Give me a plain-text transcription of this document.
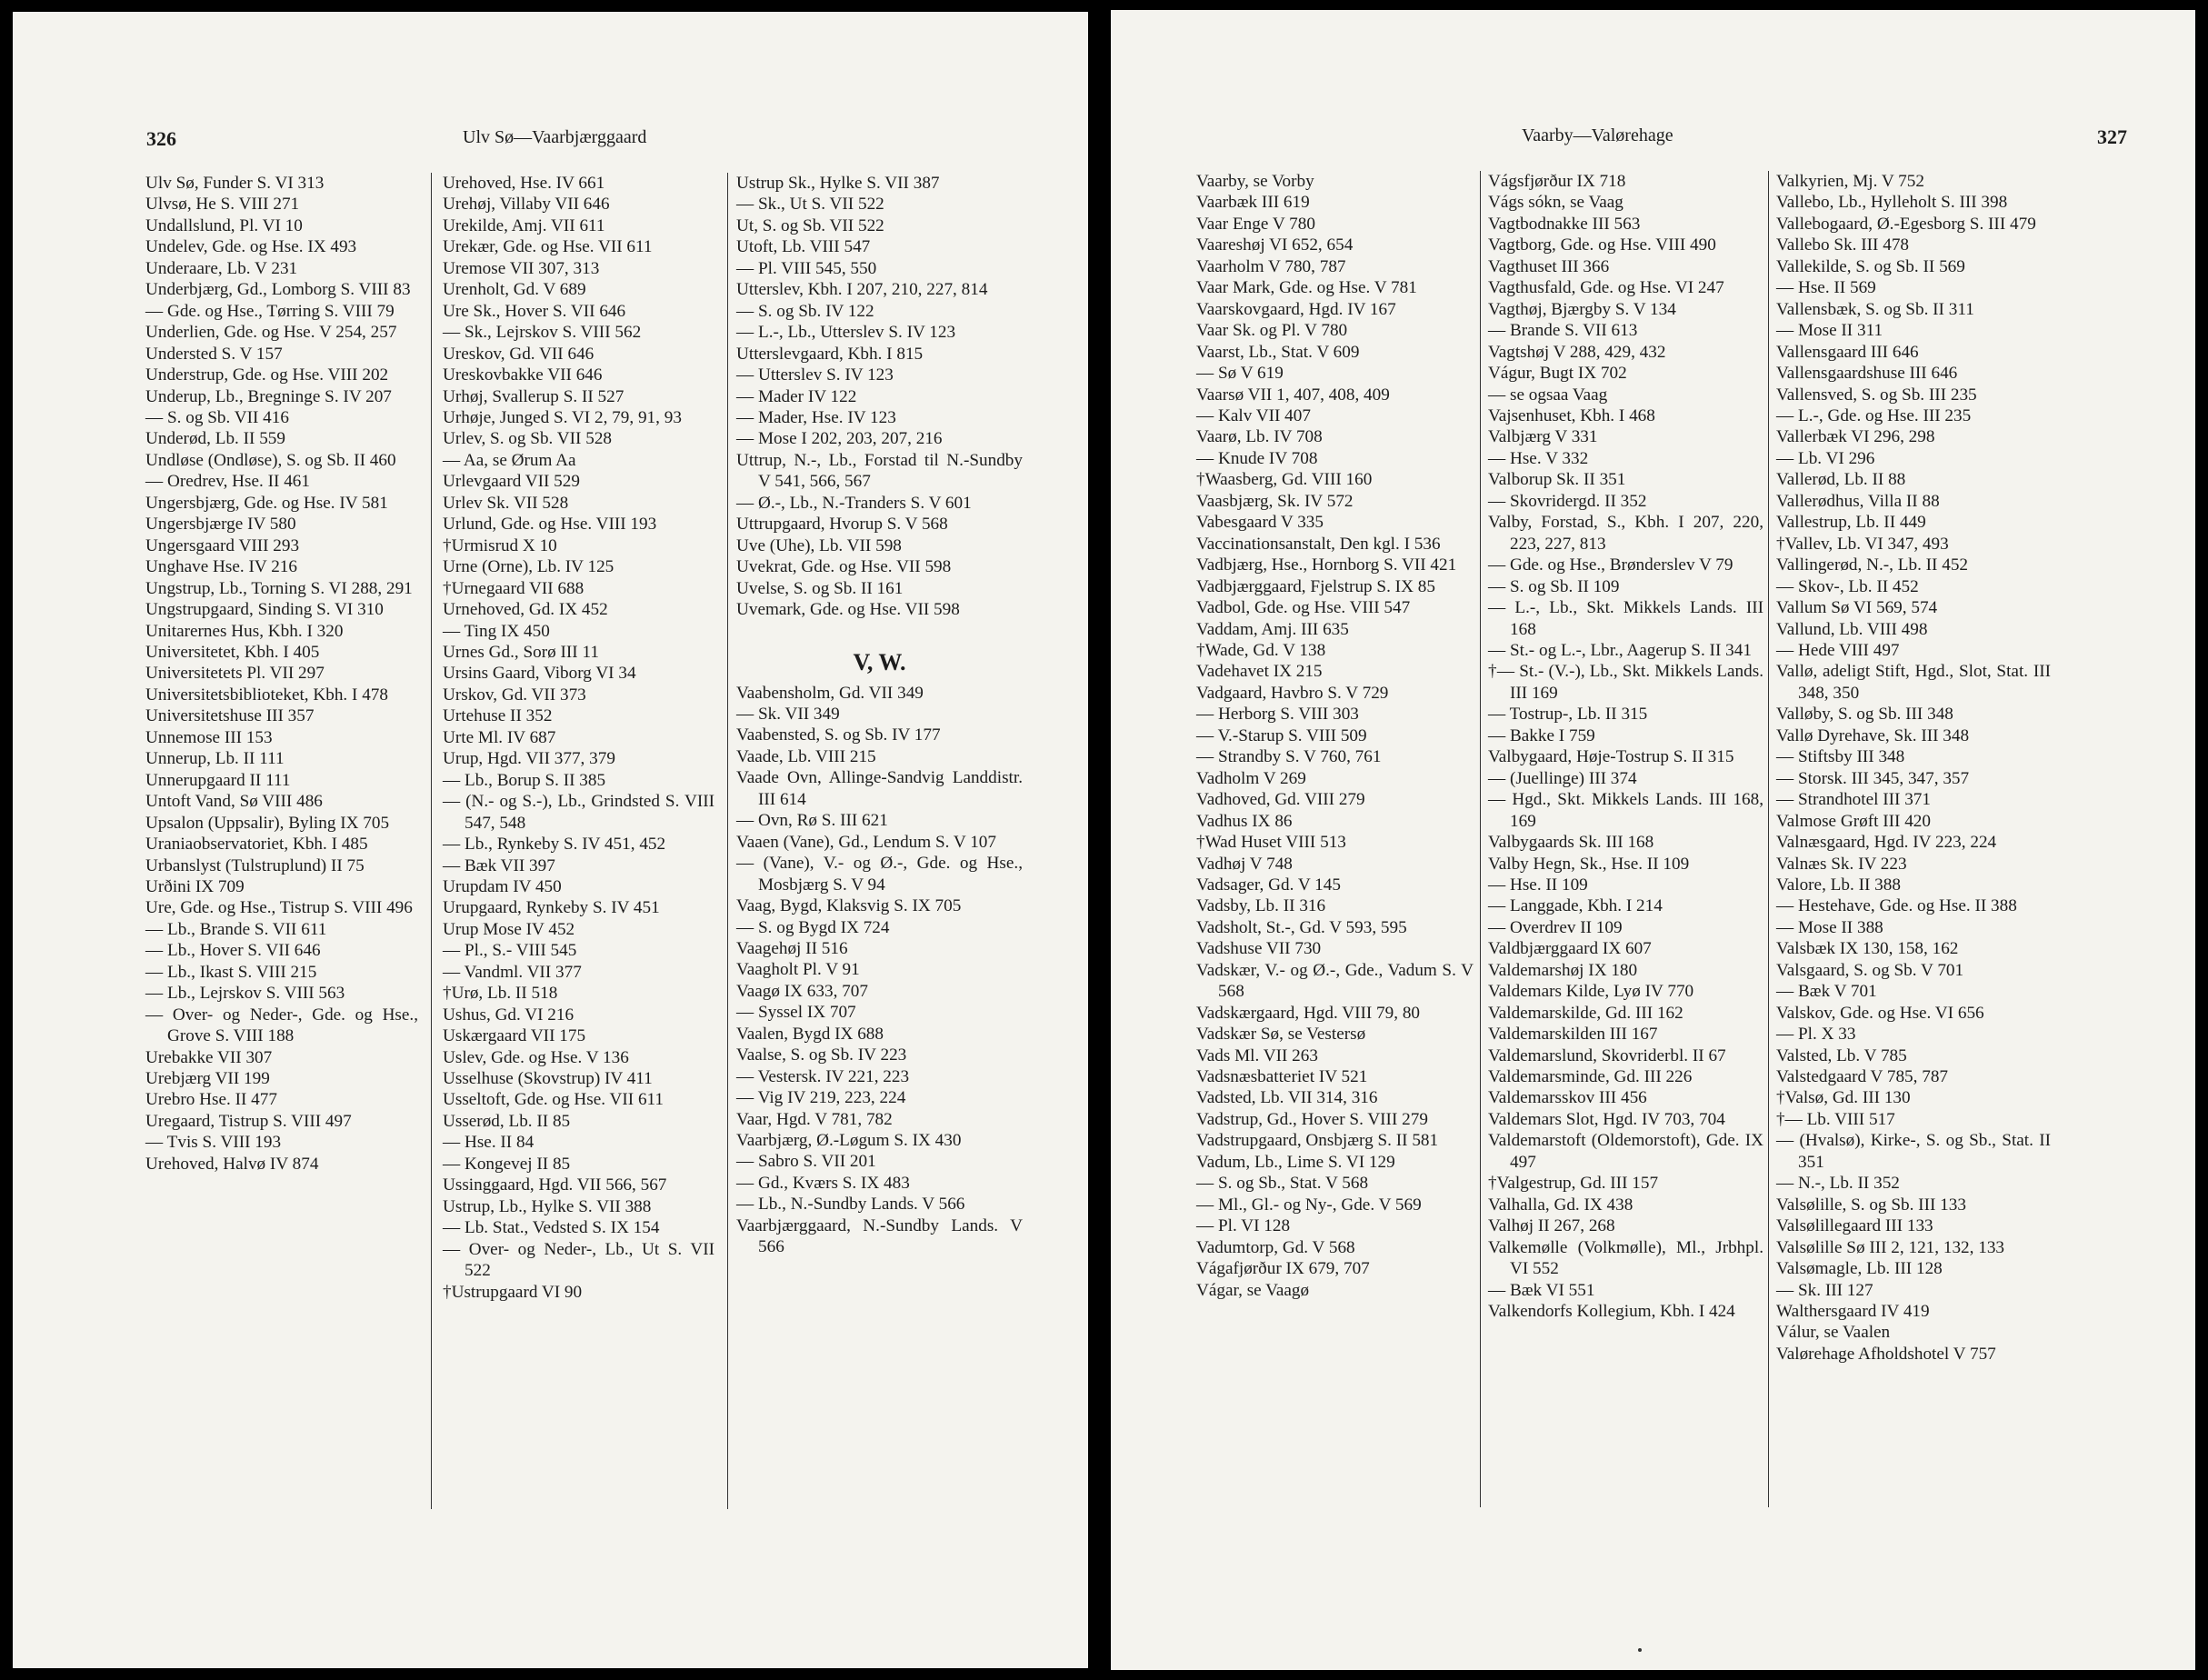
326	Ulv Sø—Vaarbjærggaard
Ulv Sø, Funder S. VI 313
Ulvsø, He S. VIII 271
Undallslund, Pl. VI 10
Undelev, Gde. og Hse. IX 493
Underaare, Lb. V 231
Underbjærg, Gd., Lomborg S. VIII 83
— Gde. og Hse., Tørring S. VIII 79
Underlien, Gde. og Hse. V 254, 257
Understed S. V 157
Understrup, Gde. og Hse. VIII 202
Underup, Lb., Bregninge S. IV 207
— S. og Sb. VII 416
Underød, Lb. II 559
Undløse (Ondløse), S. og Sb. II 460
— Oredrev, Hse. II 461
Ungersbjærg, Gde. og Hse. IV 581
Ungersbjærge IV 580
Ungersgaard VIII 293
Unghave Hse. IV 216
Ungstrup, Lb., Torning S. VI 288, 291
Ungstrupgaard, Sinding S. VI 310
Unitarernes Hus, Kbh. I 320
Universitetet, Kbh. I 405
Universitetets Pl. VII 297
Universitetsbiblioteket, Kbh. I 478
Universitetshuse III 357
Unnemose III 153
Unnerup, Lb. II 111
Unnerupgaard II 111
Untoft Vand, Sø VIII 486
Upsalon (Uppsalir), Byling IX 705
Uraniaobservatoriet, Kbh. I 485
Urbanslyst (Tulstruplund) II 75
Urðini IX 709
Ure, Gde. og Hse., Tistrup S. VIII 496
— Lb., Brande S. VII 611
— Lb., Hover S. VII 646
— Lb., Ikast S. VIII 215
— Lb., Lejrskov S. VIII 563
— Over- og Neder-, Gde. og Hse., Grove S. VIII 188
Urebakke VII 307
Urebjærg VII 199
Urebro Hse. II 477
Uregaard, Tistrup S. VIII 497
— Tvis S. VIII 193
Urehoved, Halvø IV 874
Urehoved, Hse. IV 661
Urehøj, Villaby VII 646
Urekilde, Amj. VII 611
Urekær, Gde. og Hse. VII 611
Uremose VII 307, 313
Urenholt, Gd. V 689
Ure Sk., Hover S. VII 646
— Sk., Lejrskov S. VIII 562
Ureskov, Gd. VII 646
Ureskovbakke VII 646
Urhøj, Svallerup S. II 527
Urhøje, Junged S. VI 2, 79, 91, 93
Urlev, S. og Sb. VII 528
— Aa, se Ørum Aa
Urlevgaard VII 529
Urlev Sk. VII 528
Urlund, Gde. og Hse. VIII 193
†Urmisrud X 10
Urne (Orne), Lb. IV 125
†Urnegaard VII 688
Urnehoved, Gd. IX 452
— Ting IX 450
Urnes Gd., Sorø III 11
Ursins Gaard, Viborg VI 34
Urskov, Gd. VII 373
Urtehuse II 352
Urte Ml. IV 687
Urup, Hgd. VII 377, 379
— Lb., Borup S. II 385
— (N.- og S.-), Lb., Grindsted S. VIII 547, 548
— Lb., Rynkeby S. IV 451, 452
— Bæk VII 397
Urupdam IV 450
Urupgaard, Rynkeby S. IV 451
Urup Mose IV 452
— Pl., S.- VIII 545
— Vandml. VII 377
†Urø, Lb. II 518
Ushus, Gd. VI 216
Uskærgaard VII 175
Uslev, Gde. og Hse. V 136
Usselhuse (Skovstrup) IV 411
Usseltoft, Gde. og Hse. VII 611
Usserød, Lb. II 85
— Hse. II 84
— Kongevej II 85
Ussinggaard, Hgd. VII 566, 567
Ustrup, Lb., Hylke S. VII 388
— Lb. Stat., Vedsted S. IX 154
— Over- og Neder-, Lb., Ut S. VII 522
†Ustrupgaard VI 90
Ustrup Sk., Hylke S. VII 387
— Sk., Ut S. VII 522
Ut, S. og Sb. VII 522
Utoft, Lb. VIII 547
— Pl. VIII 545, 550
Utterslev, Kbh. I 207, 210, 227, 814
— S. og Sb. IV 122
— L.-, Lb., Utterslev S. IV 123
Utterslevgaard, Kbh. I 815
— Utterslev S. IV 123
— Mader IV 122
— Mader, Hse. IV 123
— Mose I 202, 203, 207, 216
Uttrup, N.-, Lb., Forstad til N.-Sundby V 541, 566, 567
— Ø.-, Lb., N.-Tranders S. V 601
Uttrupgaard, Hvorup S. V 568
Uve (Uhe), Lb. VII 598
Uvekrat, Gde. og Hse. VII 598
Uvelse, S. og Sb. II 161
Uvemark, Gde. og Hse. VII 598
V, W.
Vaabensholm, Gd. VII 349
— Sk. VII 349
Vaabensted, S. og Sb. IV 177
Vaade, Lb. VIII 215
Vaade Ovn, Allinge-Sandvig Landdistr. III 614
— Ovn, Rø S. III 621
Vaaen (Vane), Gd., Lendum S. V 107
— (Vane), V.- og Ø.-, Gde. og Hse., Mosbjærg S. V 94
Vaag, Bygd, Klaksvig S. IX 705
— S. og Bygd IX 724
Vaagehøj II 516
Vaagholt Pl. V 91
Vaagø IX 633, 707
— Syssel IX 707
Vaalen, Bygd IX 688
Vaalse, S. og Sb. IV 223
— Vestersk. IV 221, 223
— Vig IV 219, 223, 224
Vaar, Hgd. V 781, 782
Vaarbjærg, Ø.-Løgum S. IX 430
— Sabro S. VII 201
— Gd., Kværs S. IX 483
— Lb., N.-Sundby Lands. V 566
Vaarbjærggaard, N.-Sundby Lands. V 566
Vaarby—Valørehage	327
Vaarby, se Vorby
Vaarbæk III 619
Vaar Enge V 780
Vaareshøj VI 652, 654
Vaarholm V 780, 787
Vaar Mark, Gde. og Hse. V 781
Vaarskovgaard, Hgd. IV 167
Vaar Sk. og Pl. V 780
Vaarst, Lb., Stat. V 609
— Sø V 619
Vaarsø VII 1, 407, 408, 409
— Kalv VII 407
Vaarø, Lb. IV 708
— Knude IV 708
†Waasberg, Gd. VIII 160
Vaasbjærg, Sk. IV 572
Vabesgaard V 335
Vaccinationsanstalt, Den kgl. I 536
Vadbjærg, Hse., Hornborg S. VII 421
Vadbjærggaard, Fjelstrup S. IX 85
Vadbol, Gde. og Hse. VIII 547
Vaddam, Amj. III 635
†Wade, Gd. V 138
Vadehavet IX 215
Vadgaard, Havbro S. V 729
— Herborg S. VIII 303
— V.-Starup S. VIII 509
— Strandby S. V 760, 761
Vadholm V 269
Vadhoved, Gd. VIII 279
Vadhus IX 86
†Wad Huset VIII 513
Vadhøj V 748
Vadsager, Gd. V 145
Vadsby, Lb. II 316
Vadsholt, St.-, Gd. V 593, 595
Vadshuse VII 730
Vadskær, V.- og Ø.-, Gde., Vadum S. V 568
Vadskærgaard, Hgd. VIII 79, 80
Vadskær Sø, se Vestersø
Vads Ml. VII 263
Vadsnæsbatteriet IV 521
Vadsted, Lb. VII 314, 316
Vadstrup, Gd., Hover S. VIII 279
Vadstrupgaard, Onsbjærg S. II 581
Vadum, Lb., Lime S. VI 129
— S. og Sb., Stat. V 568
— Ml., Gl.- og Ny-, Gde. V 569
— Pl. VI 128
Vadumtorp, Gd. V 568
Vágafjørður IX 679, 707
Vágar, se Vaagø
Vágsfjørður IX 718
Vágs sókn, se Vaag
Vagtbodnakke III 563
Vagtborg, Gde. og Hse. VIII 490
Vagthuset III 366
Vagthusfald, Gde. og Hse. VI 247
Vagthøj, Bjærgby S. V 134
— Brande S. VII 613
Vagtshøj V 288, 429, 432
Vágur, Bugt IX 702
— se ogsaa Vaag
Vajsenhuset, Kbh. I 468
Valbjærg V 331
— Hse. V 332
Valborup Sk. II 351
— Skovridergd. II 352
Valby, Forstad, S., Kbh. I 207, 220, 223, 227, 813
— Gde. og Hse., Brønderslev V 79
— S. og Sb. II 109
— L.-, Lb., Skt. Mikkels Lands. III 168
— St.- og L.-, Lbr., Aagerup S. II 341
†— St.- (V.-), Lb., Skt. Mikkels Lands. III 169
— Tostrup-, Lb. II 315
— Bakke I 759
Valbygaard, Høje-Tostrup S. II 315
— (Juellinge) III 374
— Hgd., Skt. Mikkels Lands. III 168, 169
Valbygaards Sk. III 168
Valby Hegn, Sk., Hse. II 109
— Hse. II 109
— Langgade, Kbh. I 214
— Overdrev II 109
Valdbjærggaard IX 607
Valdemarshøj IX 180
Valdemars Kilde, Lyø IV 770
Valdemarskilde, Gd. III 162
Valdemarskilden III 167
Valdemarslund, Skovriderbl. II 67
Valdemarsminde, Gd. III 226
Valdemarsskov III 456
Valdemars Slot, Hgd. IV 703, 704
Valdemarstoft (Oldemorstoft), Gde. IX 497
†Valgestrup, Gd. III 157
Valhalla, Gd. IX 438
Valhøj II 267, 268
Valkemølle (Volkmølle), Ml., Jrbhpl. VI 552
— Bæk VI 551
Valkendorfs Kollegium, Kbh. I 424
Valkyrien, Mj. V 752
Vallebo, Lb., Hylleholt S. III 398
Vallebogaard, Ø.-Egesborg S. III 479
Vallebo Sk. III 478
Vallekilde, S. og Sb. II 569
— Hse. II 569
Vallensbæk, S. og Sb. II 311
— Mose II 311
Vallensgaard III 646
Vallensgaardshuse III 646
Vallensved, S. og Sb. III 235
— L.-, Gde. og Hse. III 235
Vallerbæk VI 296, 298
— Lb. VI 296
Vallerød, Lb. II 88
Vallerødhus, Villa II 88
Vallestrup, Lb. II 449
†Vallev, Lb. VI 347, 493
Vallingerød, N.-, Lb. II 452
— Skov-, Lb. II 452
Vallum Sø VI 569, 574
Vallund, Lb. VIII 498
— Hede VIII 497
Vallø, adeligt Stift, Hgd., Slot, Stat. III 348, 350
Valløby, S. og Sb. III 348
Vallø Dyrehave, Sk. III 348
— Stiftsby III 348
— Storsk. III 345, 347, 357
— Strandhotel III 371
Valmose Grøft III 420
Valnæsgaard, Hgd. IV 223, 224
Valnæs Sk. IV 223
Valore, Lb. II 388
— Hestehave, Gde. og Hse. II 388
— Mose II 388
Valsbæk IX 130, 158, 162
Valsgaard, S. og Sb. V 701
— Bæk V 701
Valskov, Gde. og Hse. VI 656
— Pl. X 33
Valsted, Lb. V 785
Valstedgaard V 785, 787
†Valsø, Gd. III 130
†— Lb. VIII 517
— (Hvalsø), Kirke-, S. og Sb., Stat. II 351
— N.-, Lb. II 352
Valsølille, S. og Sb. III 133
Valsølillegaard III 133
Valsølille Sø III 2, 121, 132, 133
Valsømagle, Lb. III 128
— Sk. III 127
Walthersgaard IV 419
Válur, se Vaalen
Valørehage Afholdshotel V 757
